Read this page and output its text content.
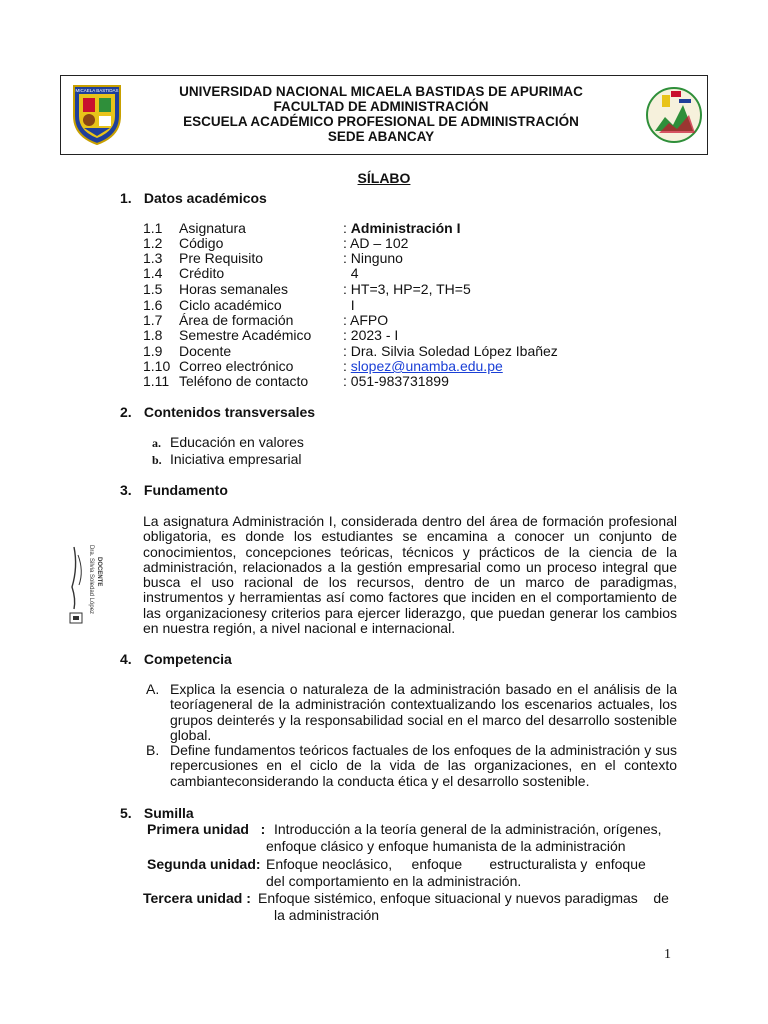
MICAELA BASTIDAS	UNIVERSIDAD NACIONAL MICAELA BASTIDAS DE APURIMAC
FACULTAD DE ADMINISTRACIÓN
ESCUELA ACADÉMICO PROFESIONAL DE ADMINISTRACIÓN
SEDE ABANCAY
SÍLABO
1. Datos académicos
1.1 Asignatura	: Administración I
1.2 Código	: AD – 102
1.3 Pre Requisito	: Ninguno
1.4 Crédito	4
1.5 Horas semanales	: HT=3, HP=2, TH=5
1.6 Ciclo académico	I
1.7 Área de formación	: AFPO
1.8 Semestre Académico : 2023 - I
1.9 Docente	: Dra. Silvia Soledad López Ibañez
1.10 Correo electrónico	: slopez@unamba.edu.pe
1.11 Teléfono de contacto : 051-983731899
2. Contenidos transversales
a. Educación en valores
b. Iniciativa empresarial
3. Fundamento
La asignatura Administración I, considerada dentro del área de formación profesional obligatoria, es donde los estudiantes se encamina a conocer un conjunto de conocimientos, concepciones teóricas, técnicos y prácticos de la ciencia de la administración, relacionados a la gestión empresarial como un proceso integral que busca el uso racional de los recursos, dentro de un marco de paradigmas, instrumentos y herramientas así como factores que inciden en el comportamiento de las organizacionesy criterios para ejercer liderazgo, que puedan generar los cambios en nuestra región, a nivel nacional e internacional.
Dra. Silvia Soledad López DOCENTE
4. Competencia
A. Explica la esencia o naturaleza de la administración basado en el análisis de la teoríageneral de la administración contextualizando los escenarios actuales, los grupos deinterés y la responsabilidad social en el marco del desarrollo sostenible global.
B. Define fundamentos teóricos factuales de los enfoques de la administración y sus repercusiones en el ciclo de la vida de las organizaciones, en el contexto cambianteconsiderando la conducta ética y el desarrollo sostenible.
5. Sumilla
Primera unidad   : Introducción a la teoría general de la administración, orígenes,
enfoque clásico y enfoque humanista de la administración
Segunda unidad: Enfoque neoclásico,     enfoque       estructuralista y  enfoque
del comportamiento en la administración.
Tercera unidad : Enfoque sistémico, enfoque situacional y nuevos paradigmas    de
la administración
1
